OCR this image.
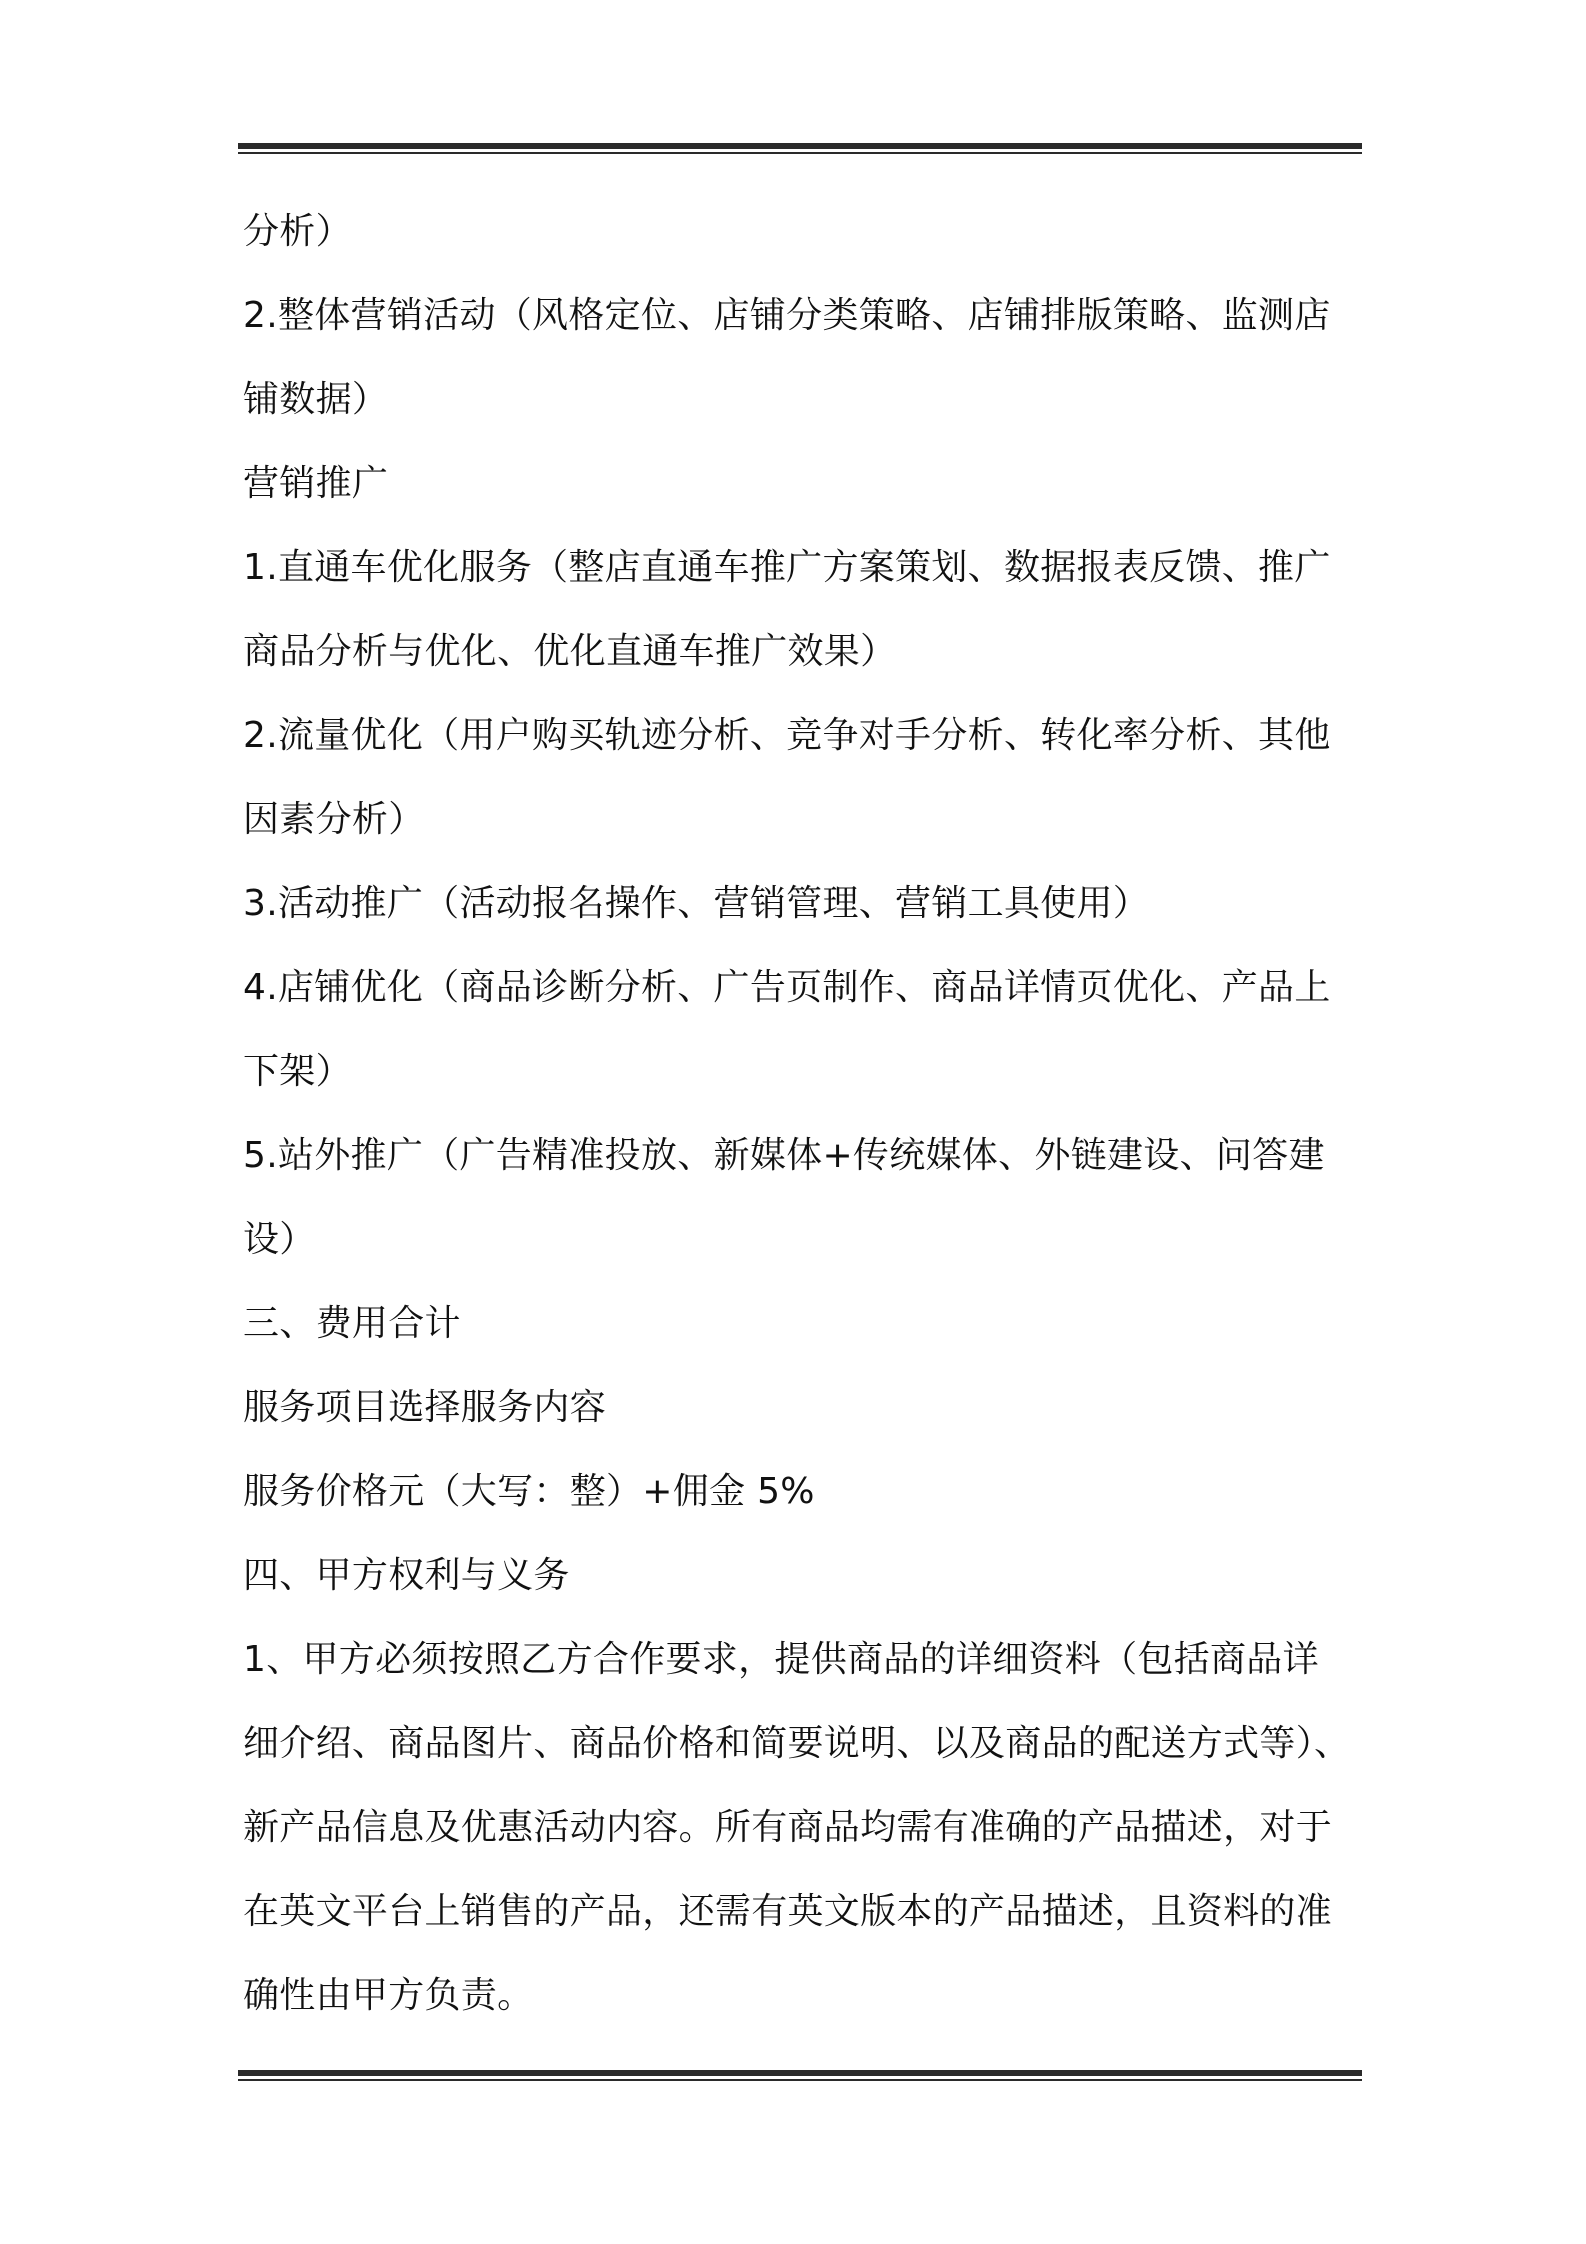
分析）
2.整体营销活动（风格定位、店铺分类策略、店铺排版策略、监测店
铺数据）
营销推广
1.直通车优化服务（整店直通车推广方案策划、数据报表反馈、推广
商品分析与优化、优化直通车推广效果）
2.流量优化（用户购买轨迹分析、竞争对手分析、转化率分析、其他
因素分析）
3.活动推广（活动报名操作、营销管理、营销工具使用）
4.店铺优化（商品诊断分析、广告页制作、商品详情页优化、产品上
下架）
5.站外推广（广告精准投放、新媒体+传统媒体、外链建设、问答建
设）
三、费用合计
服务项目选择服务内容
服务价格元（大写：整）+佣金 5%
四、甲方权利与义务
1、甲方必须按照乙方合作要求，提供商品的详细资料（包括商品详
细介绍、商品图片、商品价格和简要说明、以及商品的配送方式等）、
新产品信息及优惠活动内容。所有商品均需有准确的产品描述，对于
在英文平台上销售的产品，还需有英文版本的产品描述，且资料的准
确性由甲方负责。
